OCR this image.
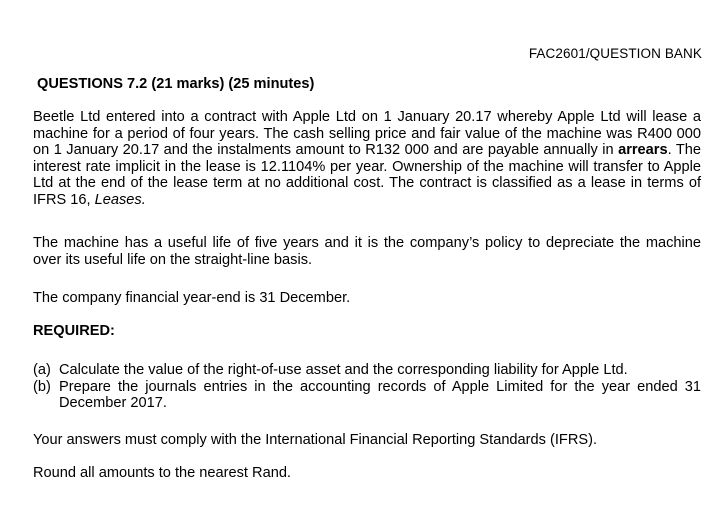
FAC2601/QUESTION BANK
QUESTIONS 7.2 (21 marks) (25 minutes)
Beetle Ltd entered into a contract with Apple Ltd on 1 January 20.17 whereby Apple Ltd will lease a machine for a period of four years. The cash selling price and fair value of the machine was R400 000 on 1 January 20.17 and the instalments amount to R132 000 and are payable annually in arrears. The interest rate implicit in the lease is 12.1104% per year. Ownership of the machine will transfer to Apple Ltd at the end of the lease term at no additional cost. The contract is classified as a lease in terms of IFRS 16, Leases.
The machine has a useful life of five years and it is the company’s policy to depreciate the machine over its useful life on the straight-line basis.
The company financial year-end is 31 December.
REQUIRED:
(a) Calculate the value of the right-of-use asset and the corresponding liability for Apple Ltd.
(b) Prepare the journals entries in the accounting records of Apple Limited for the year ended 31 December 2017.
Your answers must comply with the International Financial Reporting Standards (IFRS).
Round all amounts to the nearest Rand.
